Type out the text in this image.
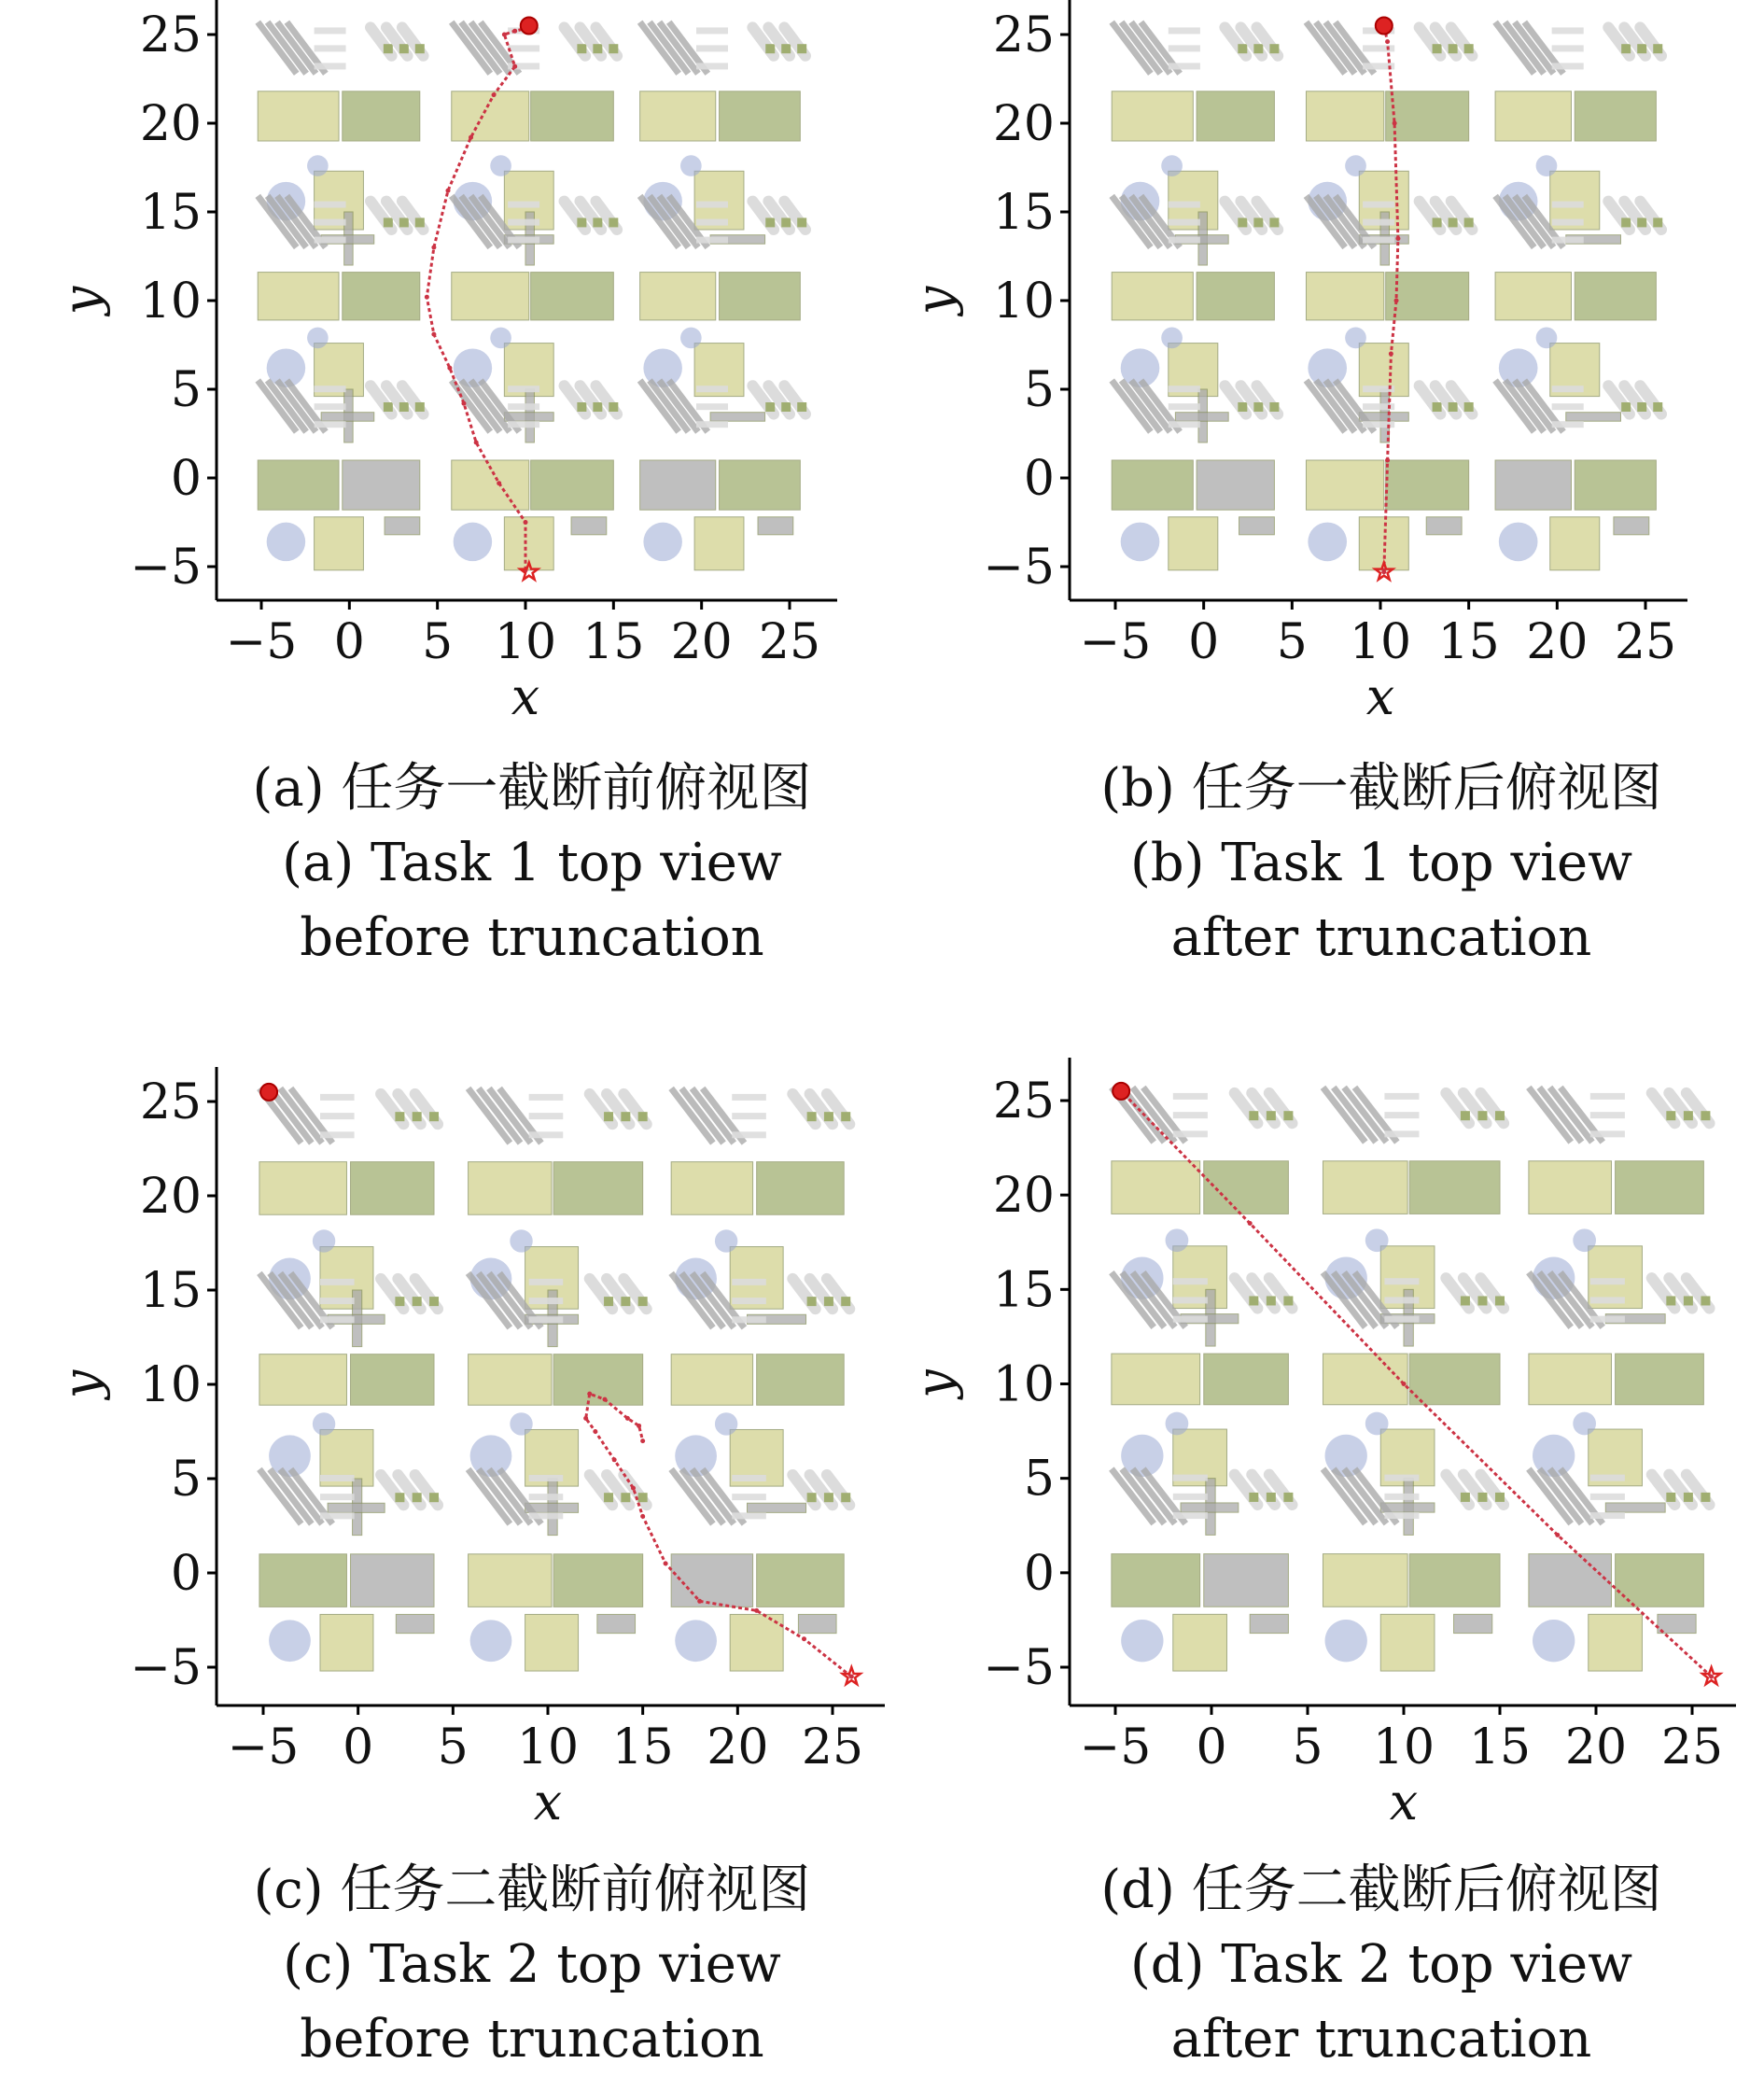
−5 0 5 10 15 20 25
−5
0
5
10
15
20
25
x
y
−5 0 5 10 15 20 25
−5
0
5
10
15
20
25
x
y
−5 0 5 10 15 20 25
−5
0
5
10
15
20
25
x
y
−5 0 5 10 15 20 25
−5
0
5
10
15
20
25
x
y
(a) 任务一截断前俯视图
(a) Task 1 top view
before truncation
(b) 任务一截断后俯视图
(b) Task 1 top view
after truncation
(c) 任务二截断前俯视图
(c) Task 2 top view
before truncation
(d) 任务二截断后俯视图
(d) Task 2 top view
after truncation
